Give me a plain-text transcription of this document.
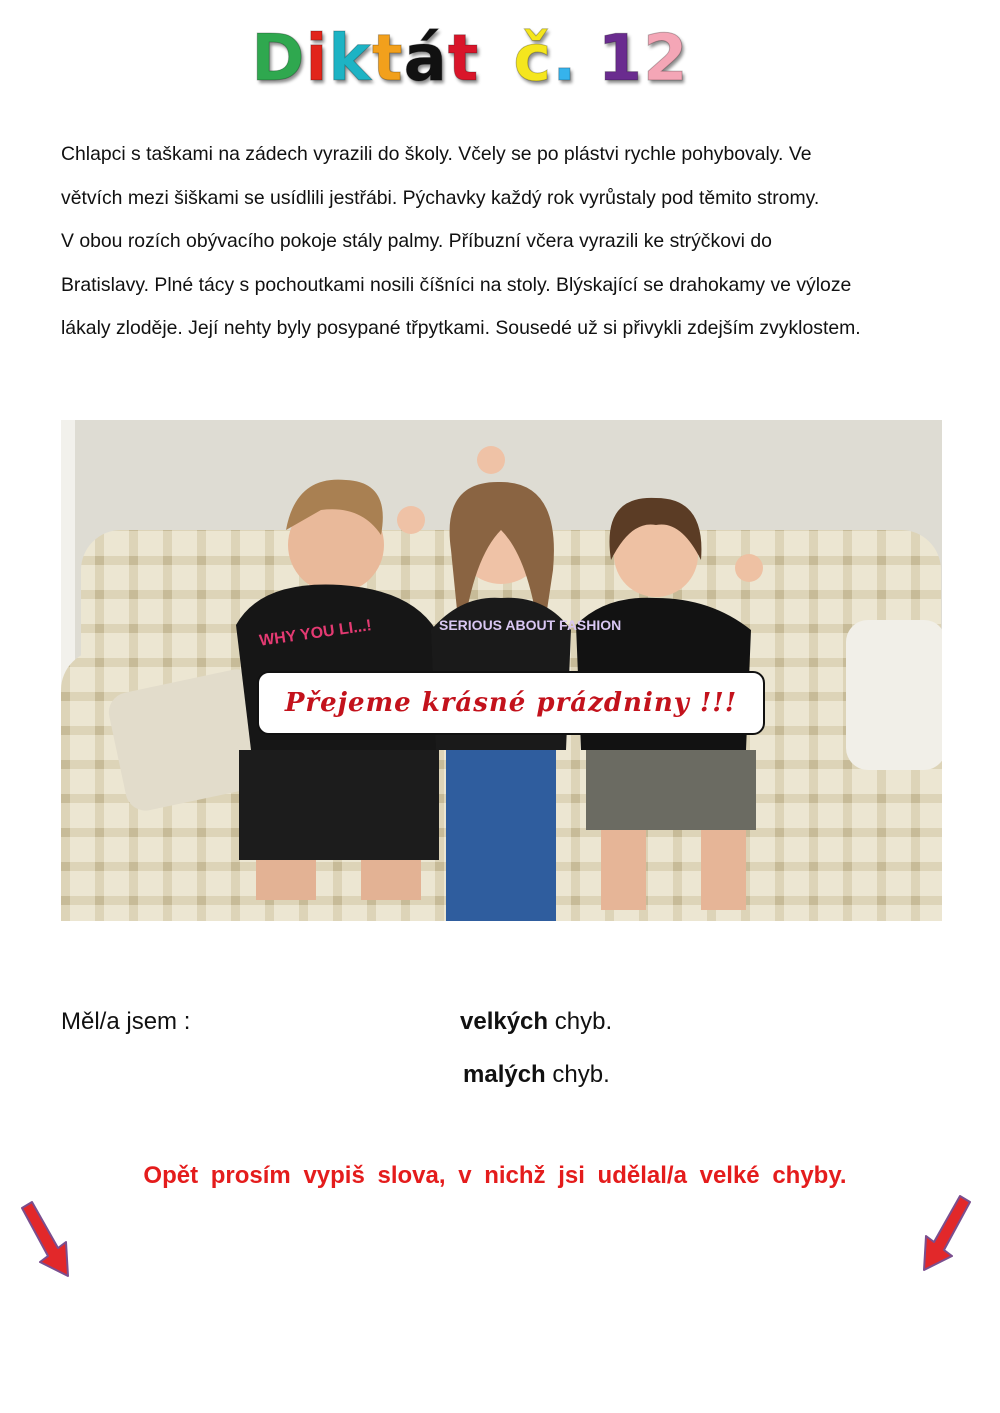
Diktát č. 12
Chlapci s taškami na zádech vyrazili do školy. Včely se po plástvi rychle pohybovaly. Ve
větvích mezi šiškami se usídlili jestřábi. Pýchavky každý rok vyrůstaly pod těmito stromy.
V obou rozích obývacího pokoje stály palmy. Příbuzní včera vyrazili ke strýčkovi do
Bratislavy. Plné tácy s pochoutkami nosili číšníci na stoly. Blýskající se drahokamy ve výloze
lákaly zloděje. Její nehty byly posypané třpytkami. Sousedé už si přivykli zdejším zvyklostem.
WHY YOU LI...!	SERIOUS ABOUT FASHION
Přejeme krásné prázdniny !!!
Měl/a jsem :	velkých chyb.
malých chyb.
Opět prosím vypiš slova, v nichž jsi udělal/a velké chyby.
